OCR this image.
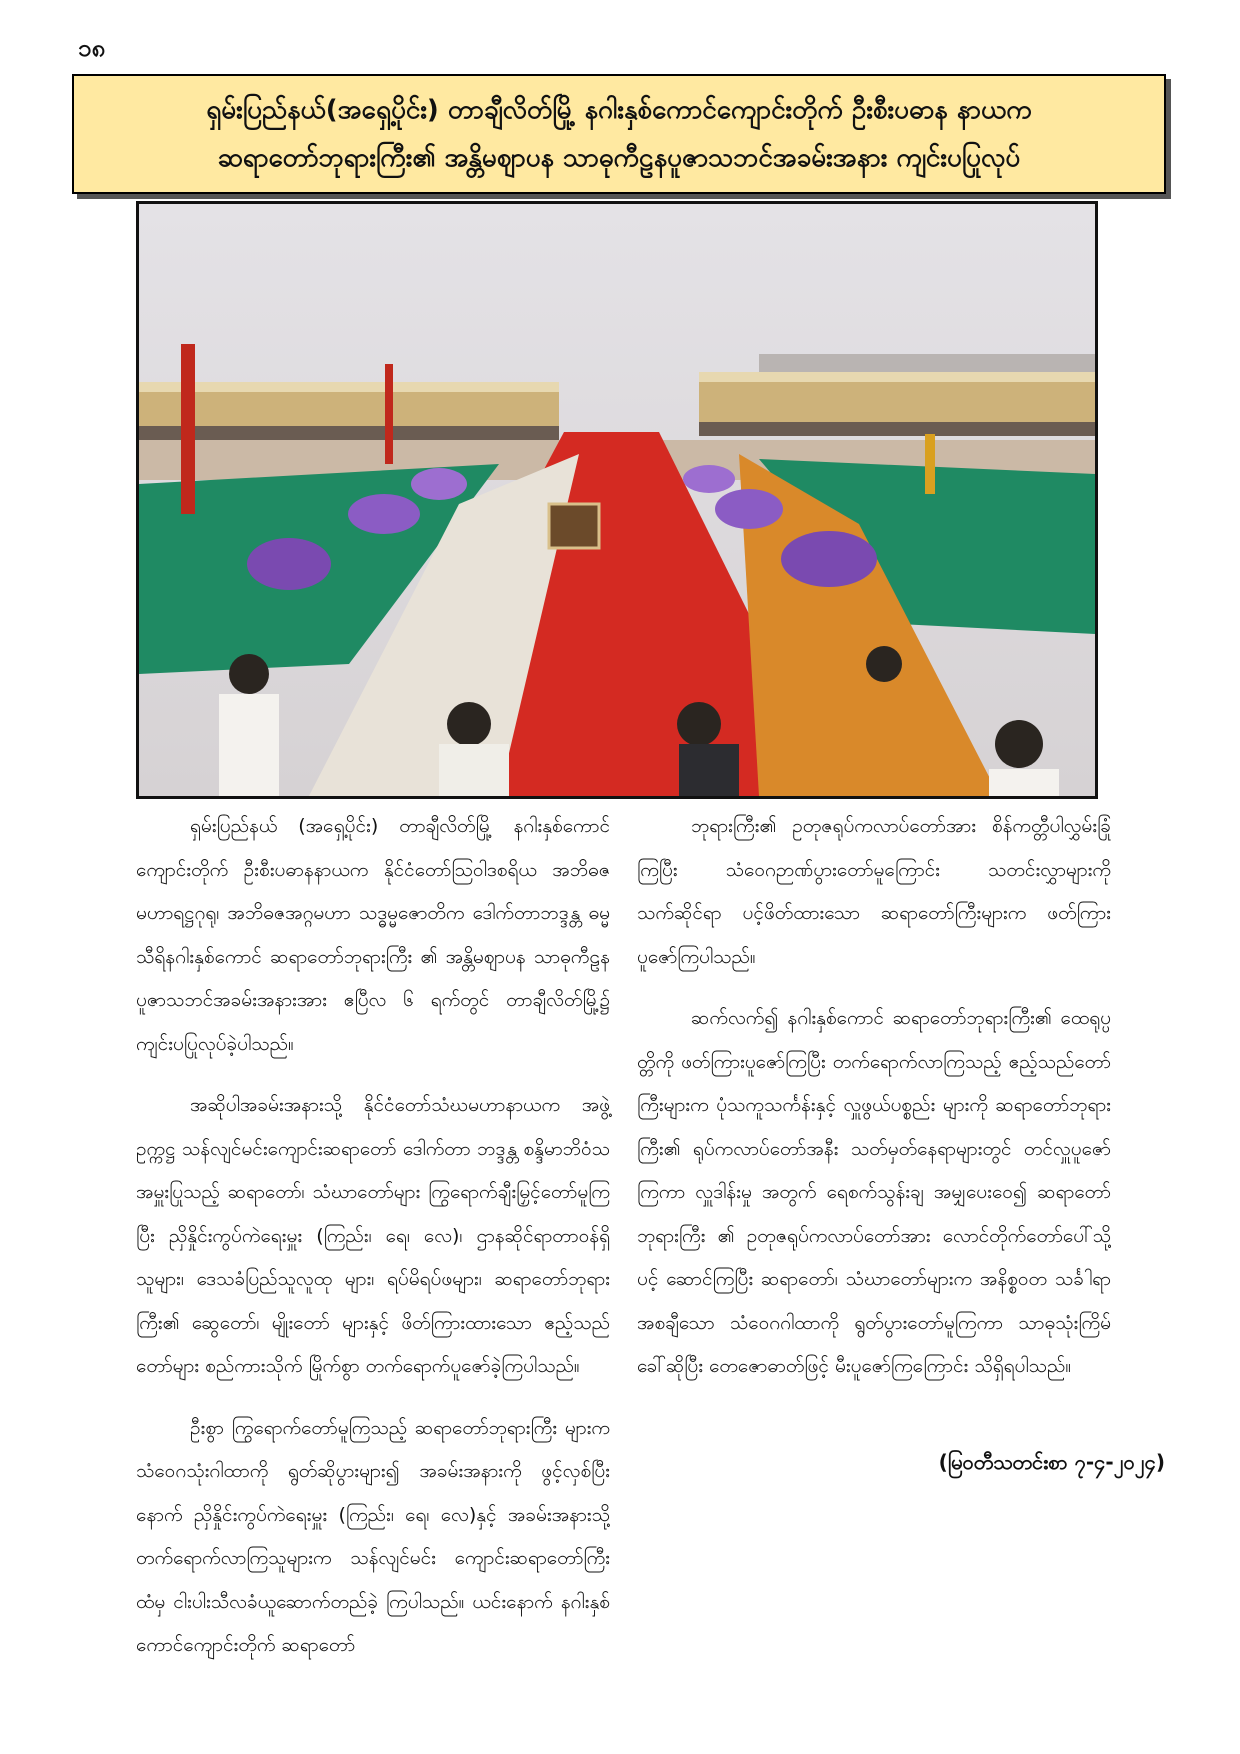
၁၈
ရှမ်းပြည်နယ်(အရှေ့ပိုင်း) တာချီလိတ်မြို့ နဂါးနှစ်ကောင်ကျောင်းတိုက် ဦးစီးပဓာန နာယက
ဆရာတော်ဘုရားကြီး၏ အန္တိမဈာပန သာဓုကီဠနပူဇာသဘင်အခမ်းအနား ကျင်းပပြုလုပ်

ရှမ်းပြည်နယ် (အရှေ့ပိုင်း) တာချီလိတ်မြို့ နဂါးနှစ်ကောင် ကျောင်းတိုက် ဦးစီးပဓာနနာယက နိုင်ငံတော်သြဝါဒစရိယ အဘိဓဇမဟာရဋ္ဌဂုရု၊ အဘိဓဇအဂ္ဂမဟာ သဒ္ဓမ္မဇောတိက ဒေါက်တာဘဒ္ဒန္တ ဓမ္မသီရိနဂါးနှစ်ကောင် ဆရာတော်ဘုရားကြီး ၏ အန္တိမဈာပန သာဓုကီဠန ပူဇာသဘင်အခမ်းအနားအား ဧပြီလ ၆ ရက်တွင် တာချီလိတ်မြို့၌ ကျင်းပပြုလုပ်ခဲ့ပါသည်။

အဆိုပါအခမ်းအနားသို့ နိုင်ငံတော်သံဃမဟာနာယက အဖွဲ့ဥက္ကဋ္ဌ သန်လျင်မင်းကျောင်းဆရာတော် ဒေါက်တာ ဘဒ္ဒန္တ စန္ဒိမာဘိဝံသ အမှူးပြုသည့် ဆရာတော်၊ သံဃာတော်များ ကြွရောက်ချီးမြှင့်တော်မူကြပြီး ညှိနှိုင်းကွပ်ကဲရေးမှူး (ကြည်း၊ ရေ၊ လေ)၊ ဌာနဆိုင်ရာတာဝန်ရှိသူများ၊ ဒေသခံပြည်သူလူထု များ၊ ရပ်မိရပ်ဖများ၊ ဆရာတော်ဘုရားကြီး၏ ဆွေတော်၊ မျိုးတော် များနှင့် ဖိတ်ကြားထားသော ဧည့်သည်တော်များ စည်ကားသိုက် မြိုက်စွာ တက်ရောက်ပူဇော်ခဲ့ကြပါသည်။

ဦးစွာ ကြွရောက်တော်မူကြသည့် ဆရာတော်ဘုရားကြီး များက သံဝေဂသုံးဂါထာကို ရွတ်ဆိုပွားများ၍ အခမ်းအနားကို ဖွင့်လှစ်ပြီးနောက် ညှိနှိုင်းကွပ်ကဲရေးမှူး (ကြည်း၊ ရေ၊ လေ)နှင့် အခမ်းအနားသို့ တက်ရောက်လာကြသူများက သန်လျင်မင်း ကျောင်းဆရာတော်ကြီးထံမှ ငါးပါးသီလခံယူဆောက်တည်ခဲ့ ကြပါသည်။ ယင်းနောက် နဂါးနှစ်ကောင်ကျောင်းတိုက် ဆရာတော်

ဘုရားကြီး၏ ဥတုဇရုပ်ကလာပ်တော်အား စိန်ကတ္တီပါလွှမ်းခြုံ ကြပြီး သံဝေဂဉာဏ်ပွားတော်မူကြောင်း သတင်းလွှာများကို သက်ဆိုင်ရာ ပင့်ဖိတ်ထားသော ဆရာတော်ကြီးများက ဖတ်ကြား ပူဇော်ကြပါသည်။

ဆက်လက်၍ နဂါးနှစ်ကောင် ဆရာတော်ဘုရားကြီး၏ ထေရုပ္ပတ္တိကို ဖတ်ကြားပူဇော်ကြပြီး တက်ရောက်လာကြသည့် ဧည့်သည်တော်ကြီးများက ပုံသကူသင်္ကန်းနှင့် လှူဖွယ်ပစ္စည်း များကို ဆရာတော်ဘုရားကြီး၏ ရုပ်ကလာပ်တော်အနီး သတ်မှတ်နေရာများတွင် တင်လှူပူဇော်ကြကာ လှူဒါန်းမှု အတွက် ရေစက်သွန်းချ အမျှပေးဝေ၍ ဆရာတော်ဘုရားကြီး ၏ ဥတုဇရုပ်ကလာပ်တော်အား လောင်တိုက်တော်ပေါ်သို့ ပင့် ဆောင်ကြပြီး ဆရာတော်၊ သံဃာတော်များက အနိစ္စဝတ သင်္ခါရာ အစချီသော သံဝေဂဂါထာကို ရွတ်ပွားတော်မူကြကာ သာဓုသုံးကြိမ်ခေါ်ဆိုပြီး တေဇောဓာတ်ဖြင့် မီးပူဇော်ကြကြောင်း သိရှိရပါသည်။

(မြဝတီသတင်းစာ ၇-၄-၂၀၂၄)
